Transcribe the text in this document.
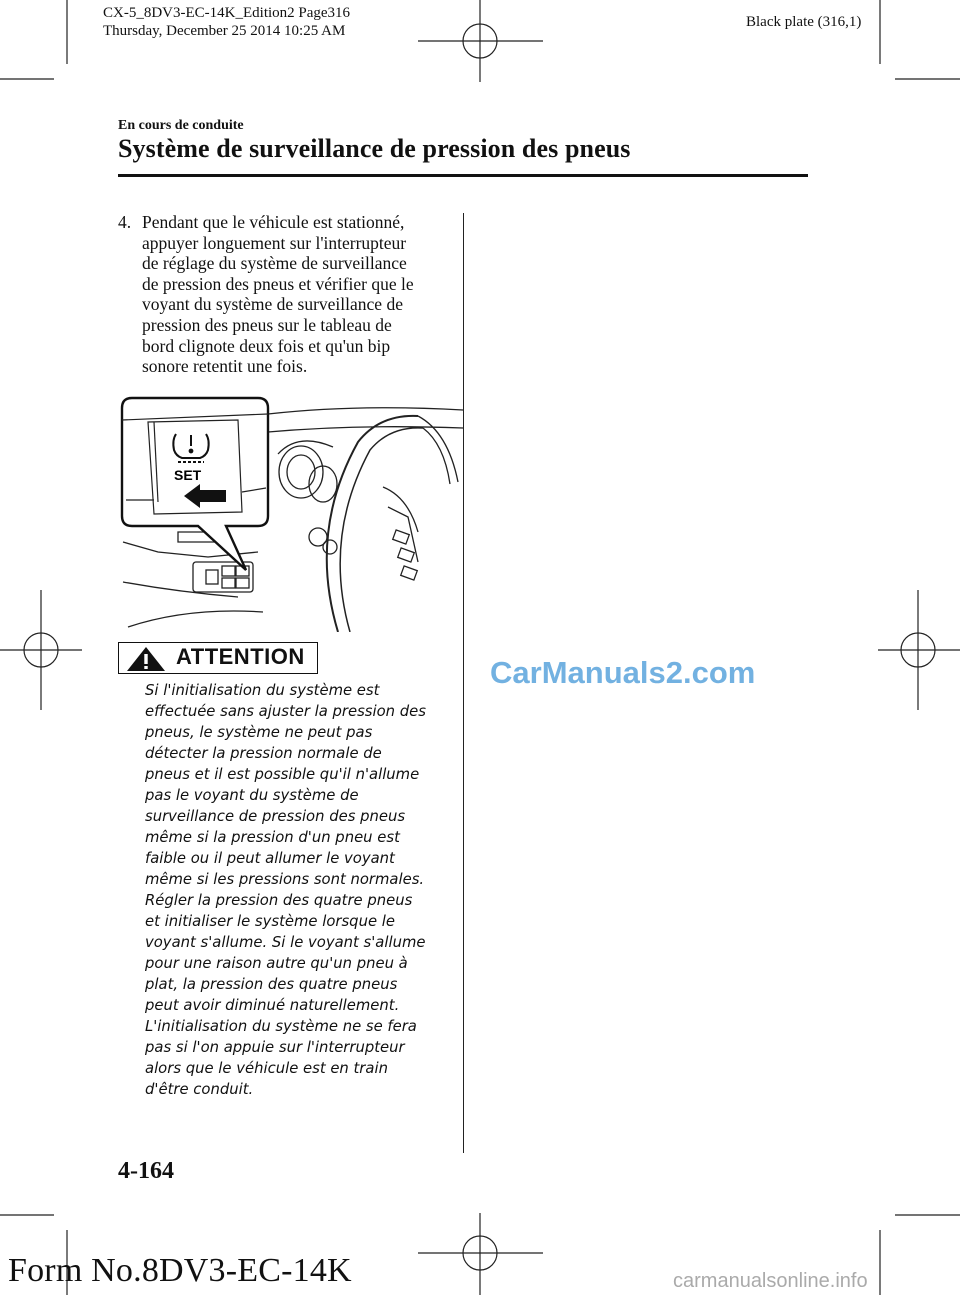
CX-5_8DV3-EC-14K_Edition2 Page316
Thursday, December 25 2014 10:25 AM
Black plate (316,1)
En cours de conduite
Système de surveillance de pression des pneus
4. Pendant que le véhicule est stationné,
appuyer longuement sur l'interrupteur
de réglage du système de surveillance
de pression des pneus et vérifier que le
voyant du système de surveillance de
pression des pneus sur le tableau de
bord clignote deux fois et qu'un bip
sonore retentit une fois.
SET
ATTENTION
Si l'initialisation du système est
effectuée sans ajuster la pression des
pneus, le système ne peut pas
détecter la pression normale de
pneus et il est possible qu'il n'allume
pas le voyant du système de
surveillance de pression des pneus
même si la pression d'un pneu est
faible ou il peut allumer le voyant
même si les pressions sont normales.
Régler la pression des quatre pneus
et initialiser le système lorsque le
voyant s'allume. Si le voyant s'allume
pour une raison autre qu'un pneu à
plat, la pression des quatre pneus
peut avoir diminué naturellement.
L'initialisation du système ne se fera
pas si l'on appuie sur l'interrupteur
alors que le véhicule est en train
d'être conduit.
CarManuals2.com
4-164
Form No.8DV3-EC-14K	carmanualsonline.info
